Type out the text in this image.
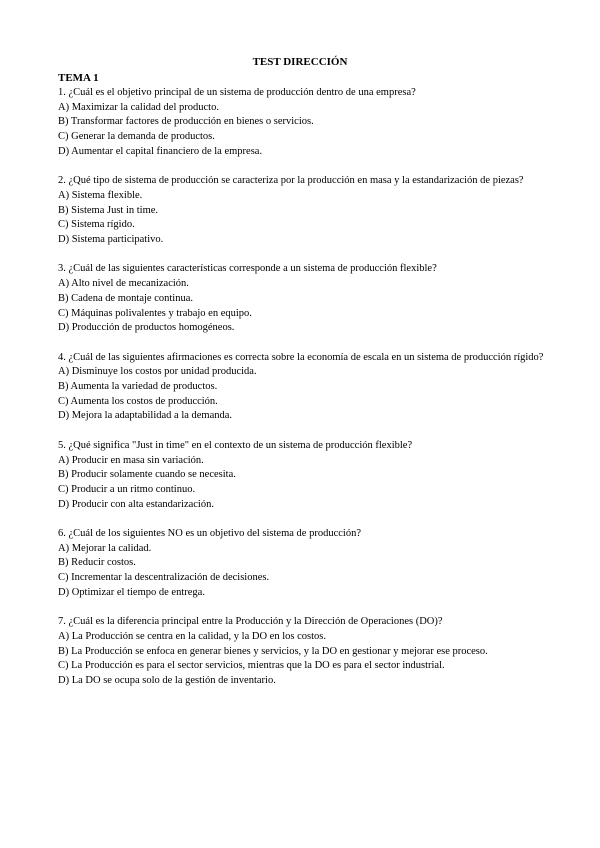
TEST DIRECCIÓN
TEMA 1
1. ¿Cuál es el objetivo principal de un sistema de producción dentro de una empresa?
A) Maximizar la calidad del producto.
B) Transformar factores de producción en bienes o servicios.
C) Generar la demanda de productos.
D) Aumentar el capital financiero de la empresa.
2. ¿Qué tipo de sistema de producción se caracteriza por la producción en masa y la estandarización de piezas?
A) Sistema flexible.
B) Sistema Just in time.
C) Sistema rígido.
D) Sistema participativo.
3. ¿Cuál de las siguientes características corresponde a un sistema de producción flexible?
A) Alto nivel de mecanización.
B) Cadena de montaje continua.
C) Máquinas polivalentes y trabajo en equipo.
D) Producción de productos homogéneos.
4. ¿Cuál de las siguientes afirmaciones es correcta sobre la economía de escala en un sistema de producción rígido?
A) Disminuye los costos por unidad producida.
B) Aumenta la variedad de productos.
C) Aumenta los costos de producción.
D) Mejora la adaptabilidad a la demanda.
5. ¿Qué significa "Just in time" en el contexto de un sistema de producción flexible?
A) Producir en masa sin variación.
B) Producir solamente cuando se necesita.
C) Producir a un ritmo continuo.
D) Producir con alta estandarización.
6. ¿Cuál de los siguientes NO es un objetivo del sistema de producción?
A) Mejorar la calidad.
B) Reducir costos.
C) Incrementar la descentralización de decisiones.
D) Optimizar el tiempo de entrega.
7. ¿Cuál es la diferencia principal entre la Producción y la Dirección de Operaciones (DO)?
A) La Producción se centra en la calidad, y la DO en los costos.
B) La Producción se enfoca en generar bienes y servicios, y la DO en gestionar y mejorar ese proceso.
C) La Producción es para el sector servicios, mientras que la DO es para el sector industrial.
D) La DO se ocupa solo de la gestión de inventario.
